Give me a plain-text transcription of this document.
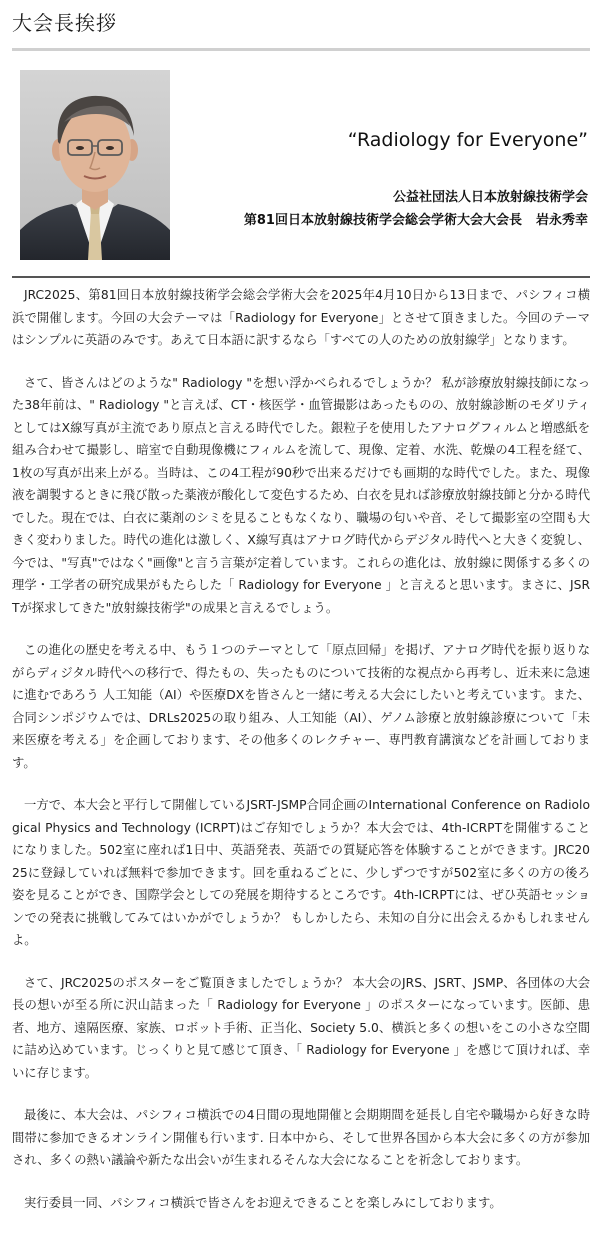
大会長挨拶
“Radiology for Everyone”
公益社団法人日本放射線技術学会
第81回日本放射線技術学会総会学術大会大会長 岩永秀幸

JRC2025、第81回日本放射線技術学会総会学術大会を2025年4月10日から13日まで、パシフィコ横浜で開催します。今回の大会テーマは「Radiology for Everyone」とさせて頂きました。今回のテーマはシンプルに英語のみです。あえて日本語に訳するなら「すべての人のための放射線学」となります。

さて、皆さんはどのような" Radiology "を想い浮かべられるでしょうか？ 私が診療放射線技師になった38年前は、" Radiology "と言えば、CT・核医学・血管撮影はあったものの、放射線診断のモダリティとしてはX線写真が主流であり原点と言える時代でした。銀粒子を使用したアナログフィルムと増感紙を組み合わせて撮影し、暗室で自動現像機にフィルムを流して、現像、定着、水洗、乾燥の4工程を経て、1枚の写真が出来上がる。当時は、この4工程が90秒で出来るだけでも画期的な時代でした。また、現像液を調製するときに飛び散った薬液が酸化して変色するため、白衣を見れば診療放射線技師と分かる時代でした。現在では、白衣に薬剤のシミを見ることもなくなり、職場の匂いや音、そして撮影室の空間も大きく変わりました。時代の進化は激しく、X線写真はアナログ時代からデジタル時代へと大きく変貌し、今では、"写真"ではなく"画像"と言う言葉が定着しています。これらの進化は、放射線に関係する多くの理学・工学者の研究成果がもたらした「 Radiology for Everyone 」と言えると思います。まさに、JSRTが探求してきた"放射線技術学"の成果と言えるでしょう。

この進化の歴史を考える中、もう１つのテーマとして「原点回帰」を掲げ、アナログ時代を振り返りながらディジタル時代への移行で、得たもの、失ったものについて技術的な視点から再考し、近未来に急速に進むであろう 人工知能（AI）や医療DXを皆さんと一緒に考える大会にしたいと考えています。また、合同シンポジウムでは、DRLs2025の取り組み、人工知能（AI）、ゲノム診療と放射線診療について「未来医療を考える」を企画しております、その他多くのレクチャー、専門教育講演などを計画しております。

一方で、本大会と平行して開催しているJSRT-JSMP合同企画のInternational Conference on Radiological Physics and Technology (ICRPT)はご存知でしょうか？本大会では、4th-ICRPTを開催することになりました。502室に座れば1日中、英語発表、英語での質疑応答を体験することができます。JRC2025に登録していれば無料で参加できます。回を重ねるごとに、少しずつですが502室に多くの方の後ろ姿を見ることができ、国際学会としての発展を期待するところです。4th-ICRPTには、ぜひ英語セッションでの発表に挑戦してみてはいかがでしょうか？ もしかしたら、未知の自分に出会えるかもしれませんよ。

さて、JRC2025のポスターをご覧頂きましたでしょうか？ 本大会のJRS、JSRT、JSMP、各団体の大会長の想いが至る所に沢山詰まった「 Radiology for Everyone 」のポスターになっています。医師、患者、地方、遠隔医療、家族、ロボット手術、正当化、Society 5.0、横浜と多くの想いをこの小さな空間に詰め込めています。じっくりと見て感じて頂き、「 Radiology for Everyone 」を感じて頂ければ、幸いに存じます。

最後に、本大会は、パシフィコ横浜での4日間の現地開催と会期期間を延長し自宅や職場から好きな時間帯に参加できるオンライン開催も行います. 日本中から、そして世界各国から本大会に多くの方が参加され、多くの熱い議論や新たな出会いが生まれるそんな大会になることを祈念しております。

実行委員一同、パシフィコ横浜で皆さんをお迎えできることを楽しみにしております。
